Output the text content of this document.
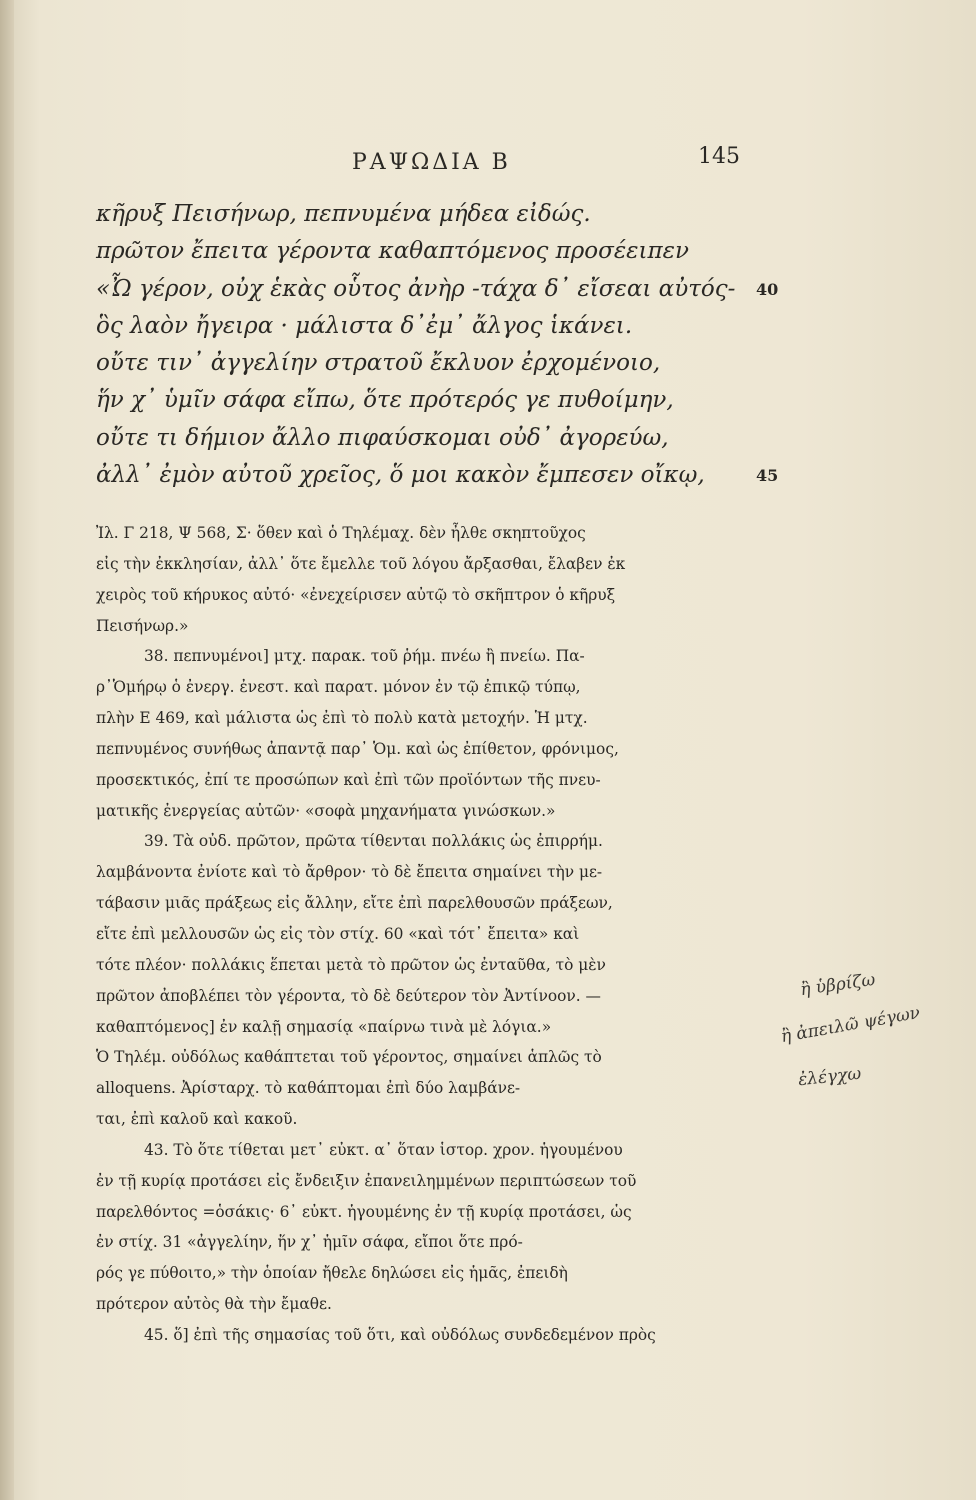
ΡΑΨΩΔΙΑ Β	145
κῆρυξ Πεισήνωρ, πεπνυμένα μήδεα εἰδώς.
πρῶτον ἔπειτα γέροντα καθαπτόμενος προσέειπεν
«Ὦ γέρον, οὐχ ἑκὰς οὗτος ἀνὴρ -τάχα δ᾽ εἴσεαι αὐτός- 40
ὃς λαὸν ἤγειρα · μάλιστα δ᾽ἐμ᾽ ἄλγος ἱκάνει.
οὔτε τιν᾽ ἀγγελίην στρατοῦ ἔκλυον ἐρχομένοιο,
ἥν χ᾽ ὑμῖν σάφα εἴπω, ὅτε πρότερός γε πυθοίμην,
οὔτε τι δήμιον ἄλλο πιφαύσκομαι οὐδ᾽ ἀγορεύω,
ἀλλ᾽ ἐμὸν αὐτοῦ χρεῖος, ὅ μοι κακὸν ἔμπεσεν οἴκῳ,	45
Ἰλ. Γ 218, Ψ 568, Σ· ὅθεν καὶ ὁ Τηλέμαχ. δὲν ἦλθε σκηπτοῦχος
εἰς τὴν ἐκκλησίαν, ἀλλ᾽ ὅτε ἔμελλε τοῦ λόγου ἄρξασθαι, ἔλαβεν ἐκ
χειρὸς τοῦ κήρυκος αὐτό· «ἐνεχείρισεν αὐτῷ τὸ σκῆπτρον ὁ κῆρυξ
Πεισήνωρ.»
38. πεπνυμένοι] μτχ. παρακ. τοῦ ῥήμ. πνέω ἢ πνείω. Πα-
ρ᾽Ὁμήρῳ ὁ ἐνεργ. ἐνεστ. καὶ παρατ. μόνον ἐν τῷ ἐπικῷ τύπῳ,
πλὴν Ε 469, καὶ μάλιστα ὡς ἐπὶ τὸ πολὺ κατὰ μετοχήν. Ἡ μτχ.
πεπνυμένος συνήθως ἀπαντᾷ παρ᾽ Ὁμ. καὶ ὡς ἐπίθετον, φρόνιμος,
προσεκτικός, ἐπί τε προσώπων καὶ ἐπὶ τῶν προϊόντων τῆς πνευ-
ματικῆς ἐνεργείας αὐτῶν· «σοφὰ μηχανήματα γινώσκων.»
39. Τὰ οὐδ. πρῶτον, πρῶτα τίθενται πολλάκις ὡς ἐπιρρήμ.
λαμβάνοντα ἐνίοτε καὶ τὸ ἄρθρον· τὸ δὲ ἔπειτα σημαίνει τὴν με-
τάβασιν μιᾶς πράξεως εἰς ἄλλην, εἴτε ἐπὶ παρελθουσῶν πράξεων,
εἴτε ἐπὶ μελλουσῶν ὡς εἰς τὸν στίχ. 60 «καὶ τότ᾽ ἔπειτα» καὶ
τότε πλέον· πολλάκις ἕπεται μετὰ τὸ πρῶτον ὡς ἐνταῦθα, τὸ μὲν
πρῶτον ἀποβλέπει τὸν γέροντα, τὸ δὲ δεύτερον τὸν Ἀντίνοον. —
καθαπτόμενος] ἐν καλῇ σημασίᾳ «παίρνω τινὰ μὲ λόγια.»
Ὁ Τηλέμ. οὐδόλως καθάπτεται τοῦ γέροντος, σημαίνει ἁπλῶς τὸ
alloquens. Ἀρίσταρχ. τὸ καθάπτομαι ἐπὶ δύο λαμβάνε-
ται, ἐπὶ καλοῦ καὶ κακοῦ.
43. Τὸ ὅτε τίθεται μετ᾽ εὐκτ. α᾽ ὅταν ἱστορ. χρον. ἡγουμένου
ἐν τῇ κυρίᾳ προτάσει εἰς ἔνδειξιν ἐπανειλημμένων περιπτώσεων τοῦ
παρελθόντος =ὁσάκις· 6᾽ εὐκτ. ἡγουμένης ἐν τῇ κυρίᾳ προτάσει, ὡς
ἐν στίχ. 31 «ἀγγελίην, ἥν χ᾽ ἡμῖν σάφα, εἴποι ὅτε πρό-
ρός γε πύθοιτο,» τὴν ὁποίαν ἤθελε δηλώσει εἰς ἡμᾶς, ἐπειδὴ
πρότερον αὐτὸς θὰ τὴν ἔμαθε.
45. ὅ] ἐπὶ τῆς σημασίας τοῦ ὅτι, καὶ οὐδόλως συνδεδεμένον πρὸς
ἢ ὑβρίζω
ἢ ἀπειλῶ ψέγων
ἐλέγχω
